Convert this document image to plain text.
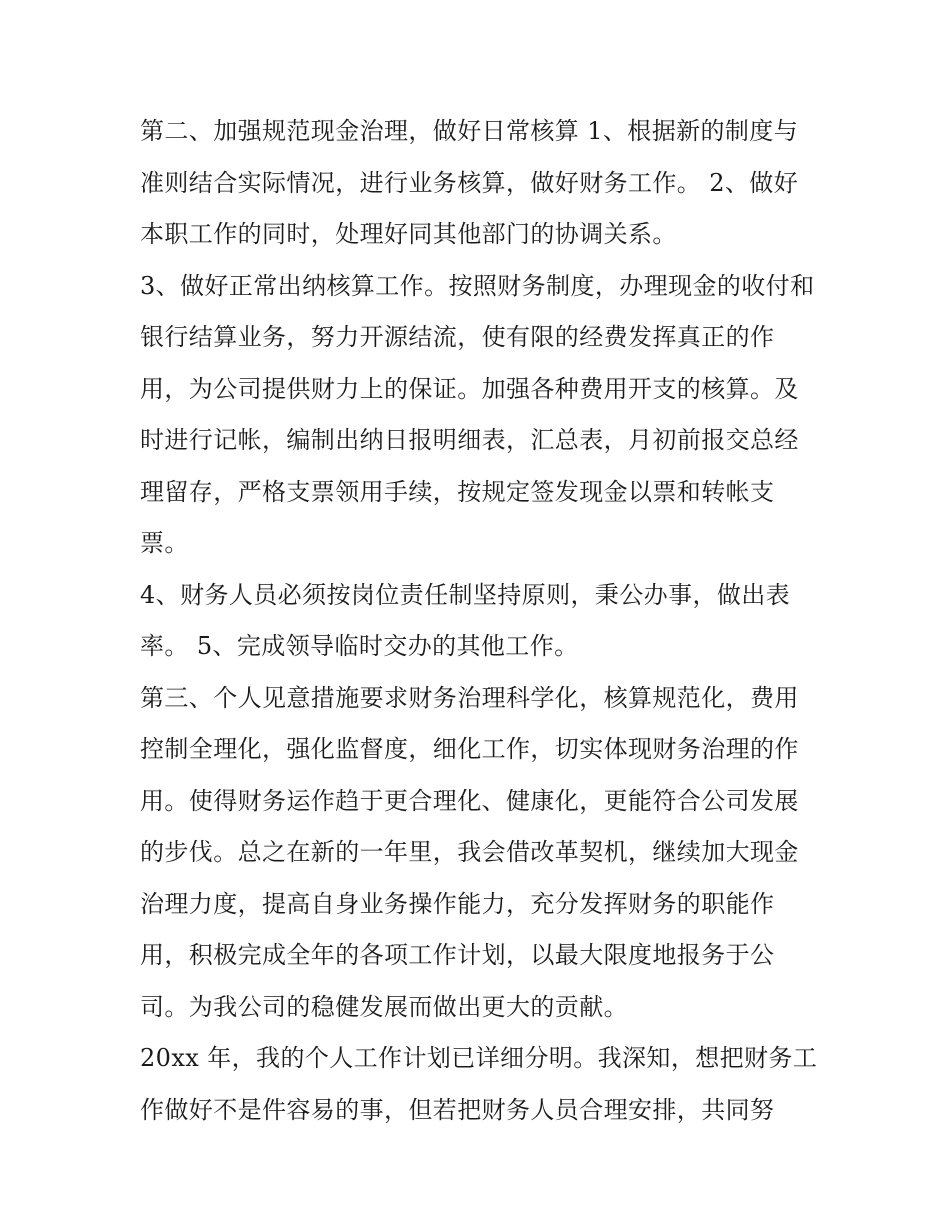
第二、加强规范现金治理，做好日常核算 1、根据新的制度与准则结合实际情况，进行业务核算，做好财务工作。 2、做好本职工作的同时，处理好同其他部门的协调关系。

3、做好正常出纳核算工作。按照财务制度，办理现金的收付和银行结算业务，努力开源结流，使有限的经费发挥真正的作用，为公司提供财力上的保证。加强各种费用开支的核算。及时进行记帐，编制出纳日报明细表，汇总表，月初前报交总经理留存，严格支票领用手续，按规定签发现金以票和转帐支票。

4、财务人员必须按岗位责任制坚持原则，秉公办事，做出表率。 5、完成领导临时交办的其他工作。

第三、个人见意措施要求财务治理科学化，核算规范化，费用控制全理化，强化监督度，细化工作，切实体现财务治理的作用。使得财务运作趋于更合理化、健康化，更能符合公司发展的步伐。总之在新的一年里，我会借改革契机，继续加大现金治理力度，提高自身业务操作能力，充分发挥财务的职能作用，积极完成全年的各项工作计划，以最大限度地报务于公司。为我公司的稳健发展而做出更大的贡献。

20xx 年，我的个人工作计划已详细分明。我深知，想把财务工作做好不是件容易的事，但若把财务人员合理安排，共同努
